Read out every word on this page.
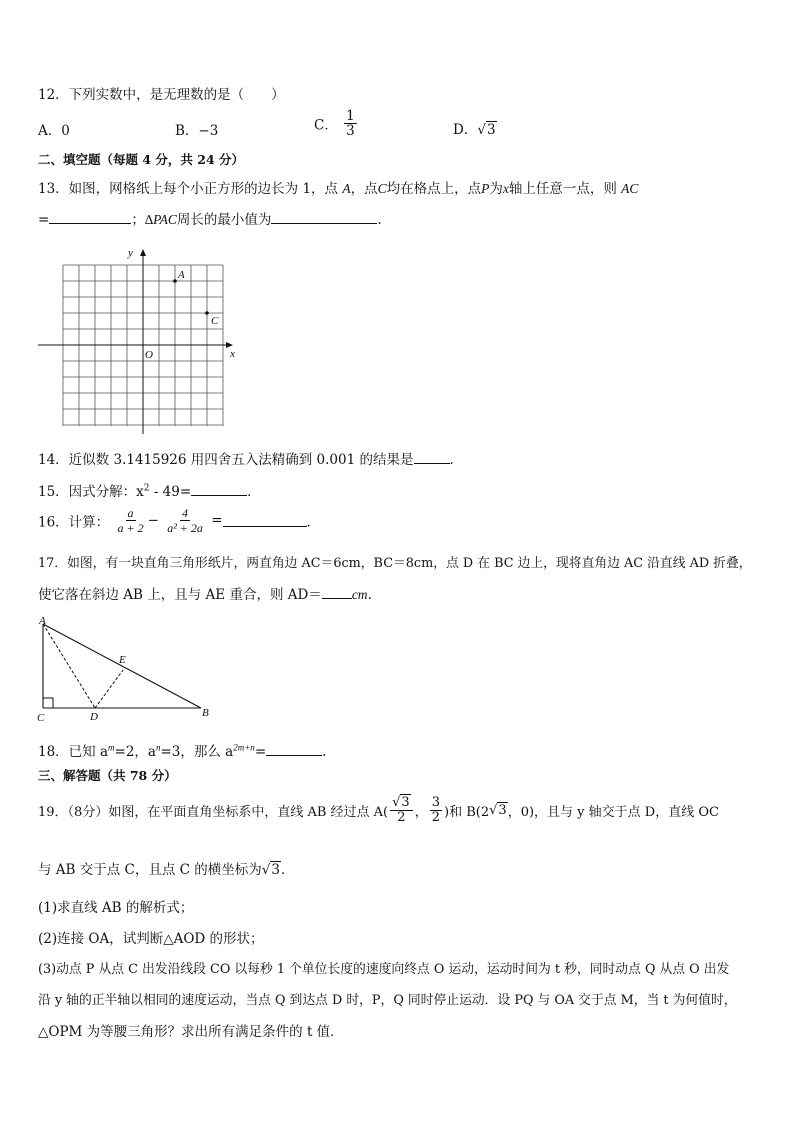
12．下列实数中，是无理数的是（　　）
A．0	B．−3	C． $\frac{1}{3}$	D．√3
二、填空题（每题 4 分，共 24 分）
13．如图，网格纸上每个小正方形的边长为 1，点 A，点C均在格点上，点P为x轴上任意一点，则 AC
=	；∆PAC周长的最小值为	.
y
x
O
A
C
14．近似数 3.1415926 用四舍五入法精确到 0.001 的结果是	．
15．因式分解：$x^2 - 49=$	．
16．计算： $\frac{a}{a + 2} - \frac{4}{\text{a² + 2a}}$ =	．
17．如图，有一块直角三角形纸片，两直角边 AC＝6cm，BC＝8cm，点 D 在 BC 边上，现将直角边 AC 沿直线 AD 折叠，
使它落在斜边 AB 上，且与 AE 重合，则 AD＝ cm.
A
C	D
E
B
18．已知 $a^m=2$，$a^n=3$，那么 $a^{2m+n}=$	.
三、解答题（共 78 分）
19．（8分）如图，在平面直角坐标系中，直线 AB 经过点 $A( \frac{√3}{2}$ ， $\frac{3}{2}$ )和 B(2√3，0)，且与 y 轴交于点 D，直线 OC
与 AB 交于点 C，且点 C 的横坐标为√3．
(1)求直线 AB 的解析式；
(2)连接 OA，试判断△AOD 的形状；
(3)动点 P 从点 C 出发沿线段 CO 以每秒 1 个单位长度的速度向终点 O 运动，运动时间为 t 秒，同时动点 Q 从点 O 出发
沿 y 轴的正半轴以相同的速度运动，当点 Q 到达点 D 时，P，Q 同时停止运动．设 PQ 与 OA 交于点 M，当 t 为何值时，
△OPM 为等腰三角形？求出所有满足条件的 t 值．
